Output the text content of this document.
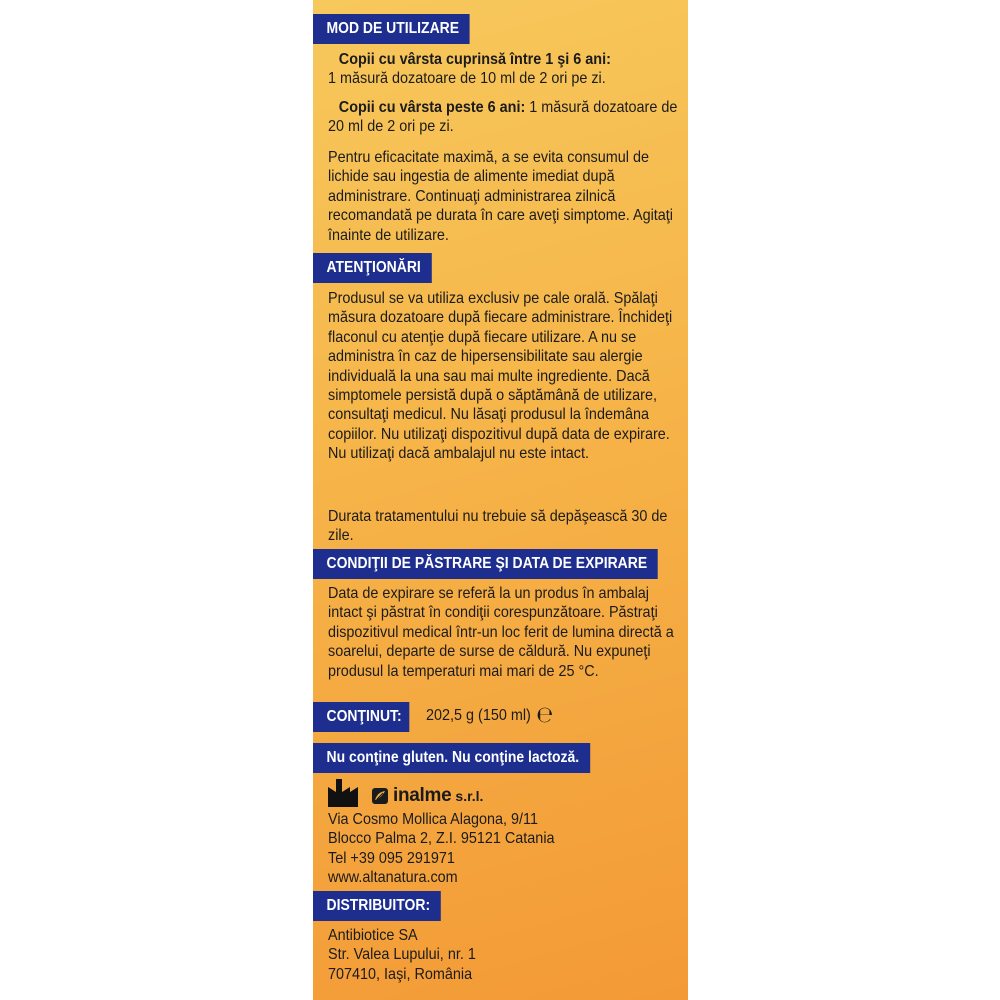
MOD DE UTILIZARE
Copii cu vârsta cuprinsă între 1 şi 6 ani:
1 măsură dozatoare de 10 ml de 2 ori pe zi.
Copii cu vârsta peste 6 ani: 1 măsură dozatoare de 20 ml de 2 ori pe zi.
Pentru eficacitate maximă, a se evita consumul de lichide sau ingestia de alimente imediat după administrare. Continuaţi administrarea zilnică recomandată pe durata în care aveţi simptome. Agitaţi înainte de utilizare.
ATENŢIONĂRI
Produsul se va utiliza exclusiv pe cale orală. Spălaţi măsura dozatoare după fiecare administrare. Închideţi flaconul cu atenţie după fiecare utilizare. A nu se administra în caz de hipersensibilitate sau alergie individuală la una sau mai multe ingrediente. Dacă simptomele persistă după o săptămână de utilizare, consultaţi medicul. Nu lăsaţi produsul la îndemâna copiilor. Nu utilizaţi dispozitivul după data de expirare. Nu utilizaţi dacă ambalajul nu este intact.
Durata tratamentului nu trebuie să depăşească 30 de zile.
CONDIŢII DE PĂSTRARE ŞI DATA DE EXPIRARE
Data de expirare se referă la un produs în ambalaj intact şi păstrat în condiţii corespunzătoare. Păstraţi dispozitivul medical într-un loc ferit de lumina directă a soarelui, departe de surse de căldură. Nu expuneţi produsul la temperaturi mai mari de 25 °C.
CONŢINUT:	202,5 g (150 ml) ℮
Nu conţine gluten. Nu conţine lactoză.
inalme s.r.l.
Via Cosmo Mollica Alagona, 9/11
Blocco Palma 2, Z.I. 95121 Catania
Tel +39 095 291971
www.altanatura.com
DISTRIBUITOR:
Antibiotice SA
Str. Valea Lupului, nr. 1
707410, Iaşi, România
